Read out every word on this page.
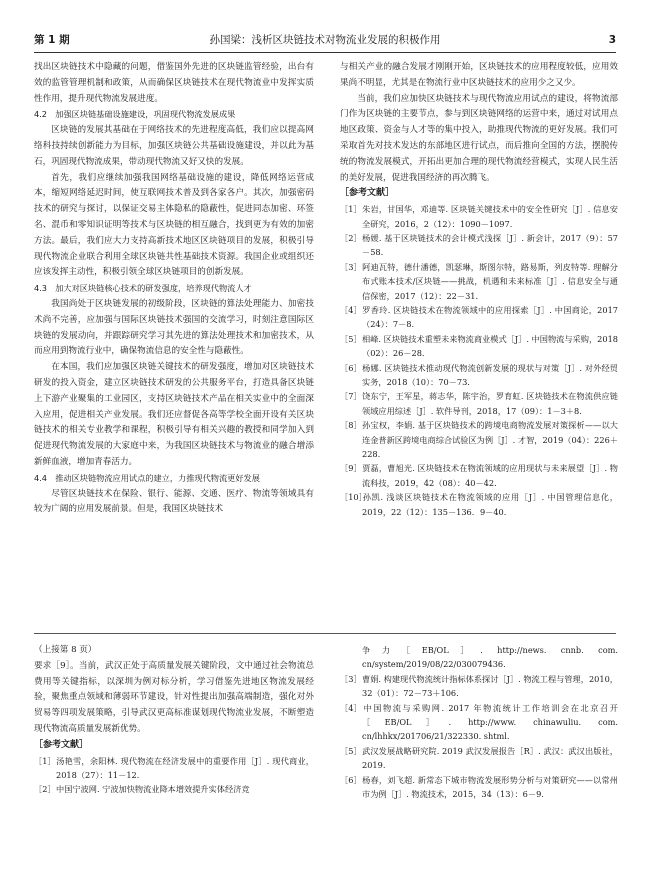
第 1 期	孙国梁：浅析区块链技术对物流业发展的积极作用	3

找出区块链技术中隐藏的问题，借鉴国外先进的区块链监管经验，出台有效的监管管理机制和政策，从而确保区块链技术在现代物流业中发挥实质性作用，提升现代物流发展进度。

4.2　加强区块链基础设施建设，巩固现代物流发展成果

区块链的发展其基础在于网络技术的先进程度高低，我们应以提高网络科技持续创新能力为目标，加强区块链公共基础设施建设，并以此为基石，巩固现代物流成果，带动现代物流又好又快的发展。

首先，我们应继续加强我国网络基础设施的建设，降低网络运营成本，缩短网络延迟时间，使互联网技术普及到各家各户。其次，加强密码技术的研究与探讨，以保证交易主体隐私的隐蔽性，促进同态加密、环签名、混币和零知识证明等技术与区块链的相互融合，找到更为有效的加密方法。最后，我们应大力支持高新技术地区区块链项目的发展，积极引导现代物流企业联合利用全球区块链共性基础技术资源。我国企业或组织还应该发挥主动性，积极引领全球区块链项目的创新发展。

4.3　加大对区块链核心技术的研发强度，培养现代物流人才

我国尚处于区块链发展的初级阶段，区块链的算法处理能力、加密技术尚不完善，应加强与国际区块链技术强国的交流学习，时刻注意国际区块链的发展动向，并跟踪研究学习其先进的算法处理技术和加密技术，从而应用到物流行业中，确保物流信息的安全性与隐蔽性。

在本国，我们应加强区块链关键技术的研发强度，增加对区块链技术研发的投入资金，建立区块链技术研发的公共服务平台，打造具备区块链上下游产业聚集的工业园区，支持区块链技术产品在相关实业中的全面深入应用，促进相关产业发展。我们还应督促各高等学校全面开设有关区块链技术的相关专业教学和课程，积极引导有相关兴趣的教授和同学加入到促进现代物流发展的大家庭中来，为我国区块链技术与物流业的融合增添新鲜血液，增加青春活力。

4.4　推动区块链物流应用试点的建立，力推现代物流更好发展

尽管区块链技术在保险、银行、能源、交通、医疗、物流等领域具有较为广阔的应用发展前景。但是，我国区块链技术

与相关产业的融合发展才刚刚开始，区块链技术的应用程度较低，应用效果尚不明显，尤其是在物流行业中区块链技术的应用少之又少。

当前，我们应加快区块链技术与现代物流应用试点的建设，将物流部门作为区块链的主要节点，参与到区块链网络的运营中来，通过对试用点地区政策、资金与人才等的集中投入，助推现代物流的更好发展。我们可采取首先对技术发达的东部地区进行试点，而后推向全国的方法，摆脱传统的物流发展模式，开拓出更加合理的现代物流经营模式，实现人民生活的美好发展，促进我国经济的再次腾飞。

［参考文献］

［1］朱岩，甘国华，邓迪等. 区块链关键技术中的安全性研究［J］. 信息安全研究，2016，2（12）：1090－1097.

［2］杨媛. 基于区块链技术的会计模式浅探［J］. 新会计，2017（9）：57－58.

［3］阿迪瓦特，德什潘德，凯瑟琳，斯图尔特，路易斯，列皮特等. 理解分布式账本技术/区块链——挑战，机遇和未来标准［J］. 信息安全与通信保密，2017（12）：22－31.

［4］罗香玲. 区块链技术在物流领域中的应用探索［J］. 中国商论，2017（24）：7－8.

［5］相峰. 区块链技术重塑未来物流商业模式［J］. 中国物流与采购，2018（02）：26－28.

［6］杨娜. 区块链技术推动现代物流创新发展的现状与对策［J］. 对外经贸实务，2018（10）：70－73.

［7］饶东宁，王军星，蒋志华，陈宇治，罗育虹. 区块链技术在物流供应链领域应用综述［J］. 软件导刊，2018，17（09）：1－3＋8.

［8］孙宝权，李娟. 基于区块链技术的跨境电商物流发展对策探析——以大连金普新区跨境电商综合试验区为例［J］. 才智，2019（04）：226＋228.

［9］贾磊，曹旭光. 区块链技术在物流领域的应用现状与未来展望［J］. 物流科技，2019，42（08）：40－42.

［10］孙凯. 浅谈区块链技术在物流领域的应用［J］. 中国管理信息化，2019，22（12）：135－136．9－40.

（上接第 8 页）

要求［9］。当前，武汉正处于高质量发展关键阶段，文中通过社会物流总费用等关键指标，以深圳为例对标分析，学习借鉴先进地区物流发展经验，聚焦重点领域和薄弱环节建设，针对性提出加强高端制造，强化对外贸易等四项发展策略，引导武汉更高标准谋划现代物流业发展，不断塑造现代物流高质量发展新优势。

［参考文献］

［1］汤艳雪，余阳林. 现代物流在经济发展中的重要作用［J］. 现代商业，2018（27）：11－12.

［2］中国宁波网. 宁波加快物流业降本增效提升实体经济竞

争力［EB/OL］. http://news. cnnb. com. cn/system/2019/08/22/030079436.

［3］曹娟. 构建现代物流统计指标体系探讨［J］. 物流工程与管理，2010，32（01）：72－73＋106.

［4］中国物流与采购网. 2017 年物流统计工作培训会在北京召开［EB/OL］. http://www. chinawuliu. com. cn/lhhkx/201706/21/322330. shtml.

［5］武汉发展战略研究院. 2019 武汉发展报告［R］. 武汉：武汉出版社，2019.

［6］杨春，刘飞超. 新常态下城市物流发展形势分析与对策研究——以常州市为例［J］. 物流技术，2015，34（13）：6－9.
